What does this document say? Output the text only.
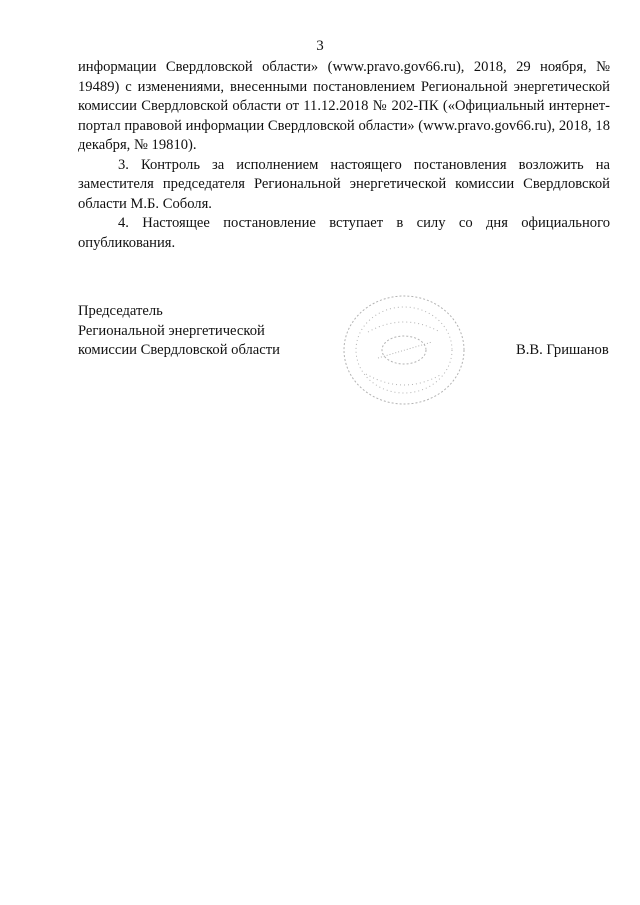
3

информации Свердловской области» (www.pravo.gov66.ru), 2018, 29 ноября, № 19489) с изменениями, внесенными постановлением Региональной энергетической комиссии Свердловской области от 11.12.2018 № 202-ПК («Официальный интернет-портал правовой информации Свердловской области» (www.pravo.gov66.ru), 2018, 18 декабря, № 19810).

3. Контроль за исполнением настоящего постановления возложить на заместителя председателя Региональной энергетической комиссии Свердловской области М.Б. Соболя.

4. Настоящее постановление вступает в силу со дня официального опубликования.

Председатель
Региональной энергетической
комиссии Свердловской области	В.В. Гришанов
